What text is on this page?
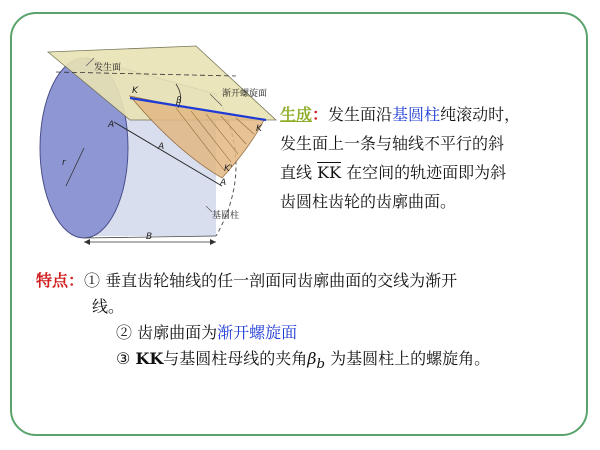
发生面
渐开螺旋面
基圆柱
K
K
K'
A
A
A
β
r
B
生成：发生面沿基圆柱纯滚动时，
发生面上一条与轴线不平行的斜
直线 $\overline{KK}$ 在空间的轨迹面即为斜
齿圆柱齿轮的齿廓曲面。
特点：① 垂直齿轮轴线的任一剖面同齿廓曲面的交线为渐开
线。
② 齿廓曲面为渐开螺旋面
③ KK与基圆柱母线的夹角$\beta_b$ 为基圆柱上的螺旋角。
